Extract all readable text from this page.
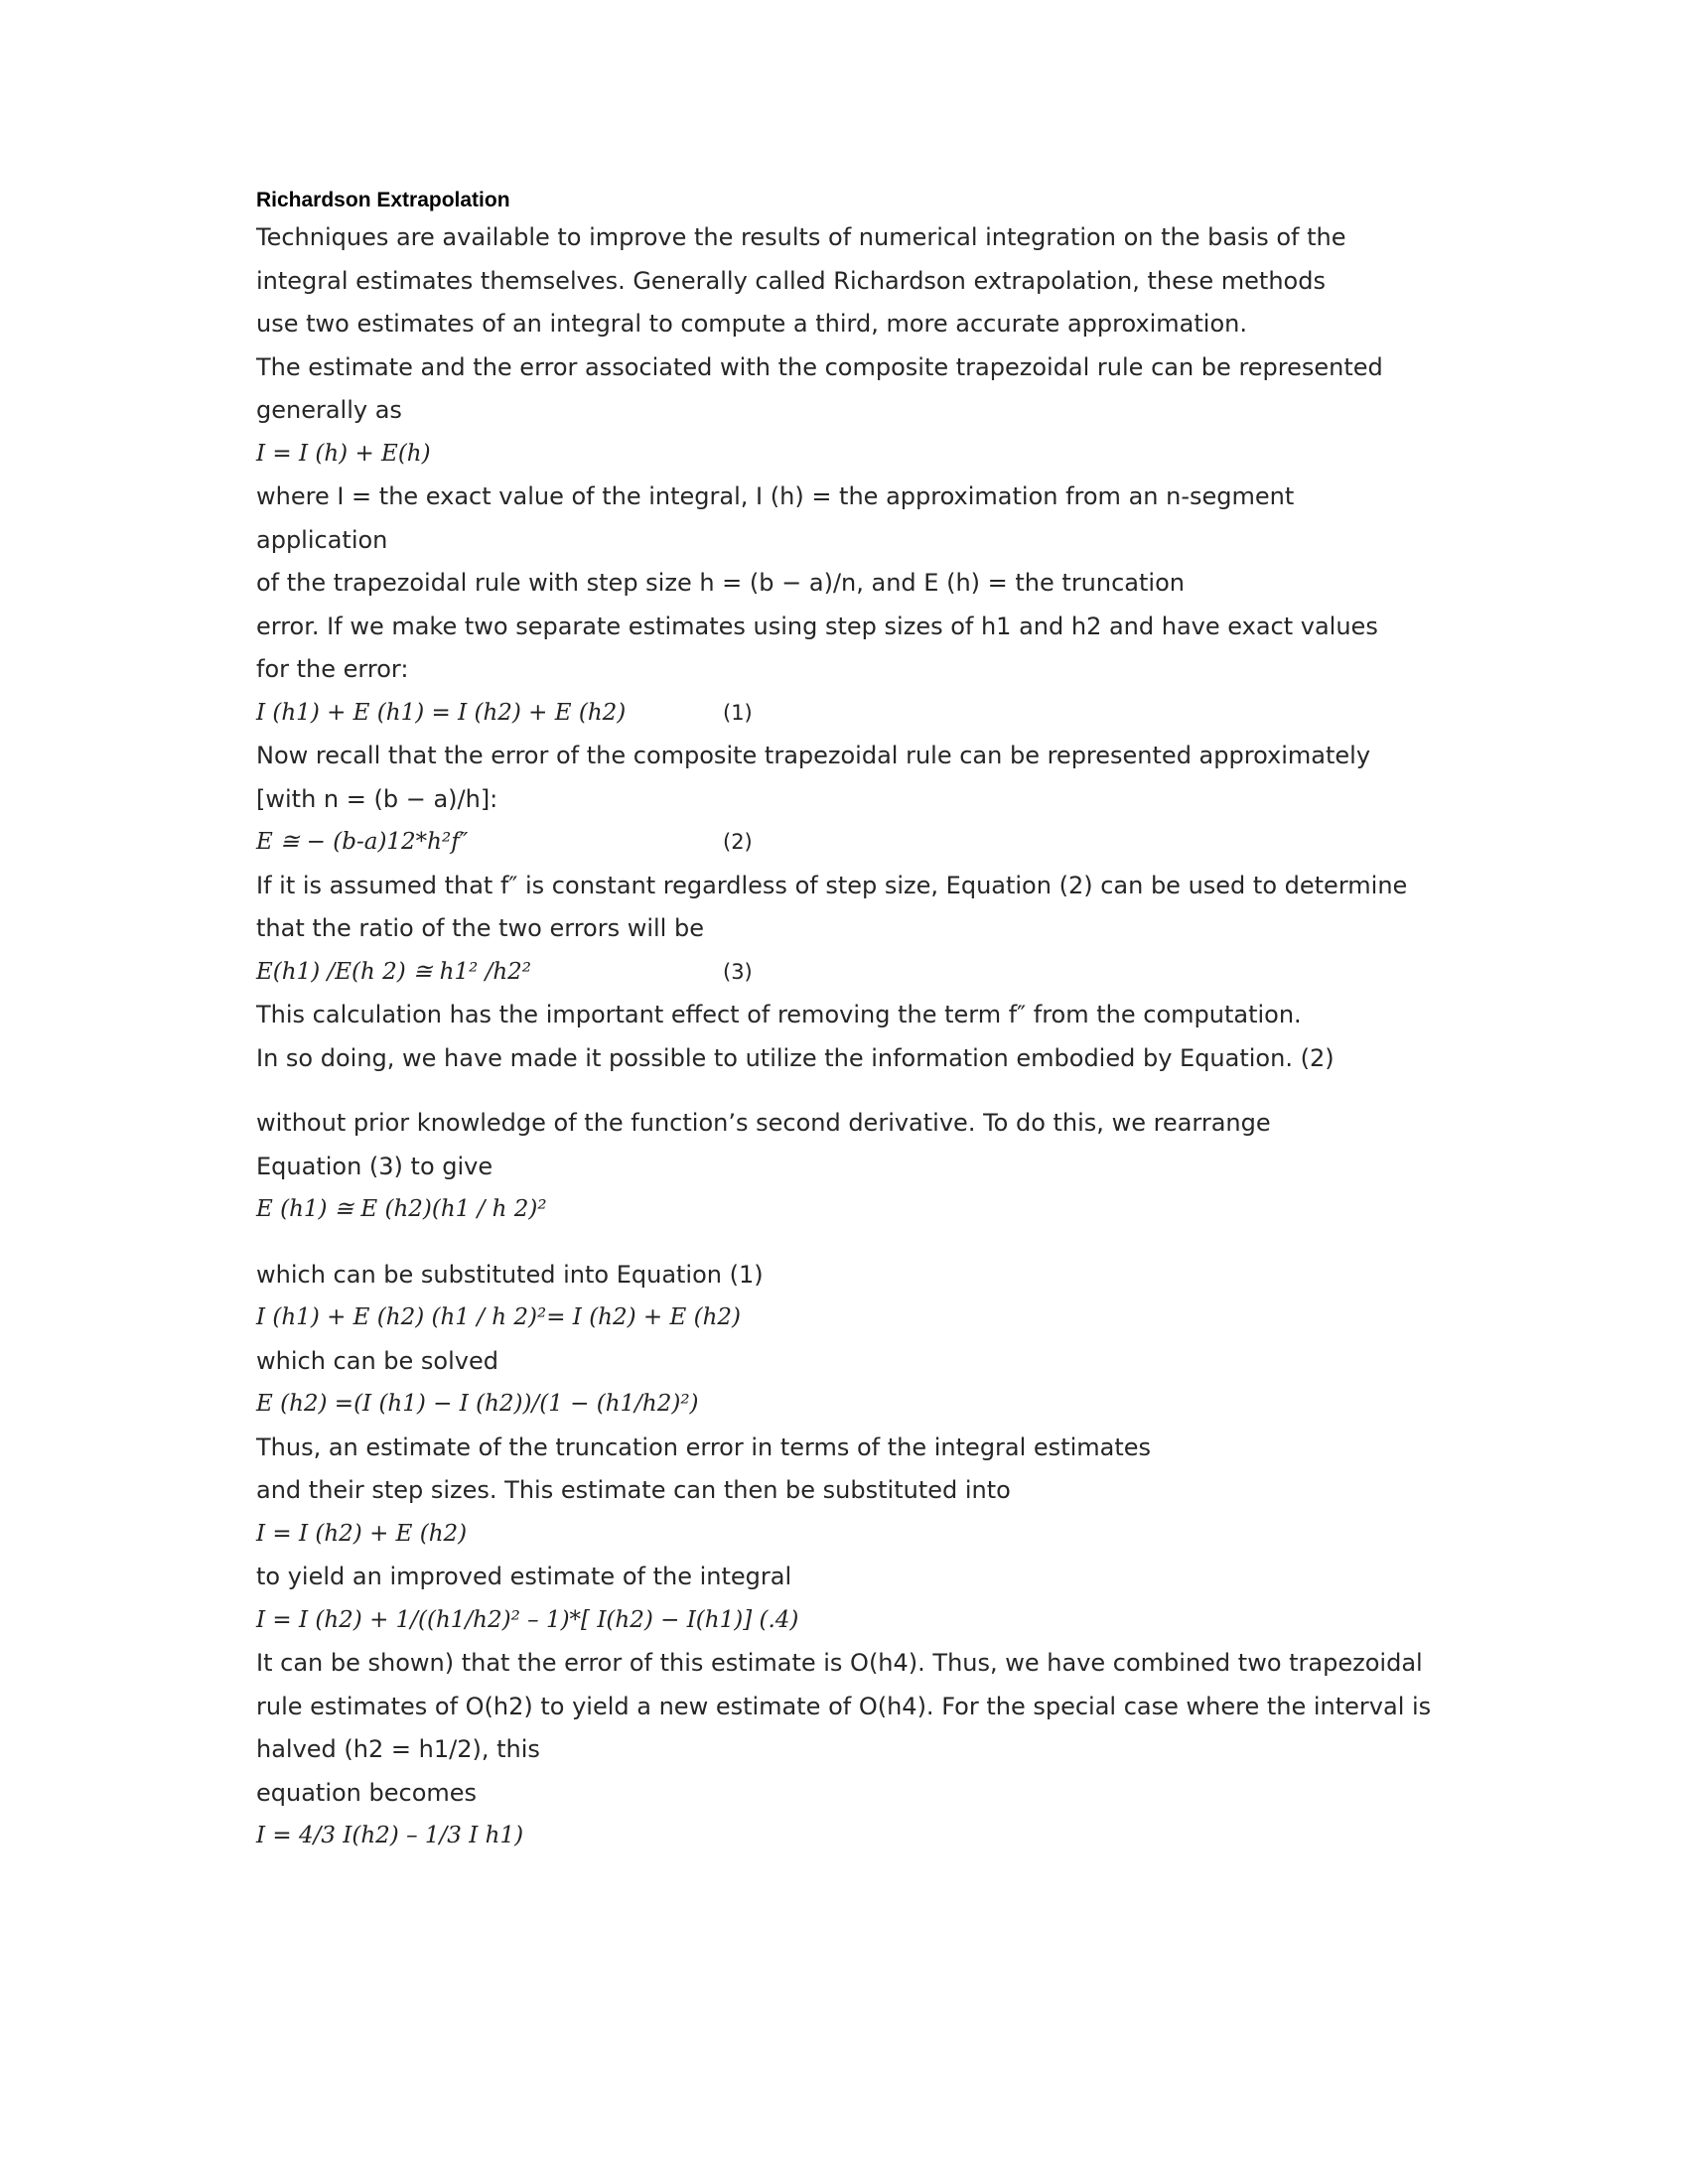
Richardson Extrapolation
Techniques are available to improve the results of numerical integration on the basis of the
integral estimates themselves. Generally called Richardson extrapolation, these methods
use two estimates of an integral to compute a third, more accurate approximation.
The estimate and the error associated with the composite trapezoidal rule can be represented
generally as
I = I (h) + E(h)
where I = the exact value of the integral, I (h) = the approximation from an n-segment
application
of the trapezoidal rule with step size h = (b − a)/n, and E (h) = the truncation
error. If we make two separate estimates using step sizes of h1 and h2 and have exact values
for the error:
I (h1) + E (h1) = I (h2) + E (h2)	(1)
Now recall that the error of the composite trapezoidal rule can be represented approximately
[with n = (b − a)/h]:
E ≅ − (b-a)12*h²f″	(2)
If it is assumed that f″ is constant regardless of step size, Equation (2) can be used to determine
that the ratio of the two errors will be
E(h1) /E(h 2) ≅ h1² /h2²	(3)
This calculation has the important effect of removing the term f″ from the computation.
In so doing, we have made it possible to utilize the information embodied by Equation. (2)
without prior knowledge of the function’s second derivative. To do this, we rearrange
Equation (3) to give
E (h1) ≅ E (h2)(h1 / h 2)²
which can be substituted into Equation (1)
I (h1) + E (h2) (h1 / h 2)²= I (h2) + E (h2)
which can be solved
E (h2) =(I (h1) − I (h2))/(1 − (h1/h2)²)
Thus, an estimate of the truncation error in terms of the integral estimates
and their step sizes. This estimate can then be substituted into
I = I (h2) + E (h2)
to yield an improved estimate of the integral
I = I (h2) + 1/((h1/h2)² – 1)*[ I(h2) − I(h1)] (.4)
It can be shown) that the error of this estimate is O(h4). Thus, we have combined two trapezoidal
rule estimates of O(h2) to yield a new estimate of O(h4). For the special case where the interval is
halved (h2 = h1/2), this
equation becomes
I = 4/3 I(h2) – 1/3 I h1)
